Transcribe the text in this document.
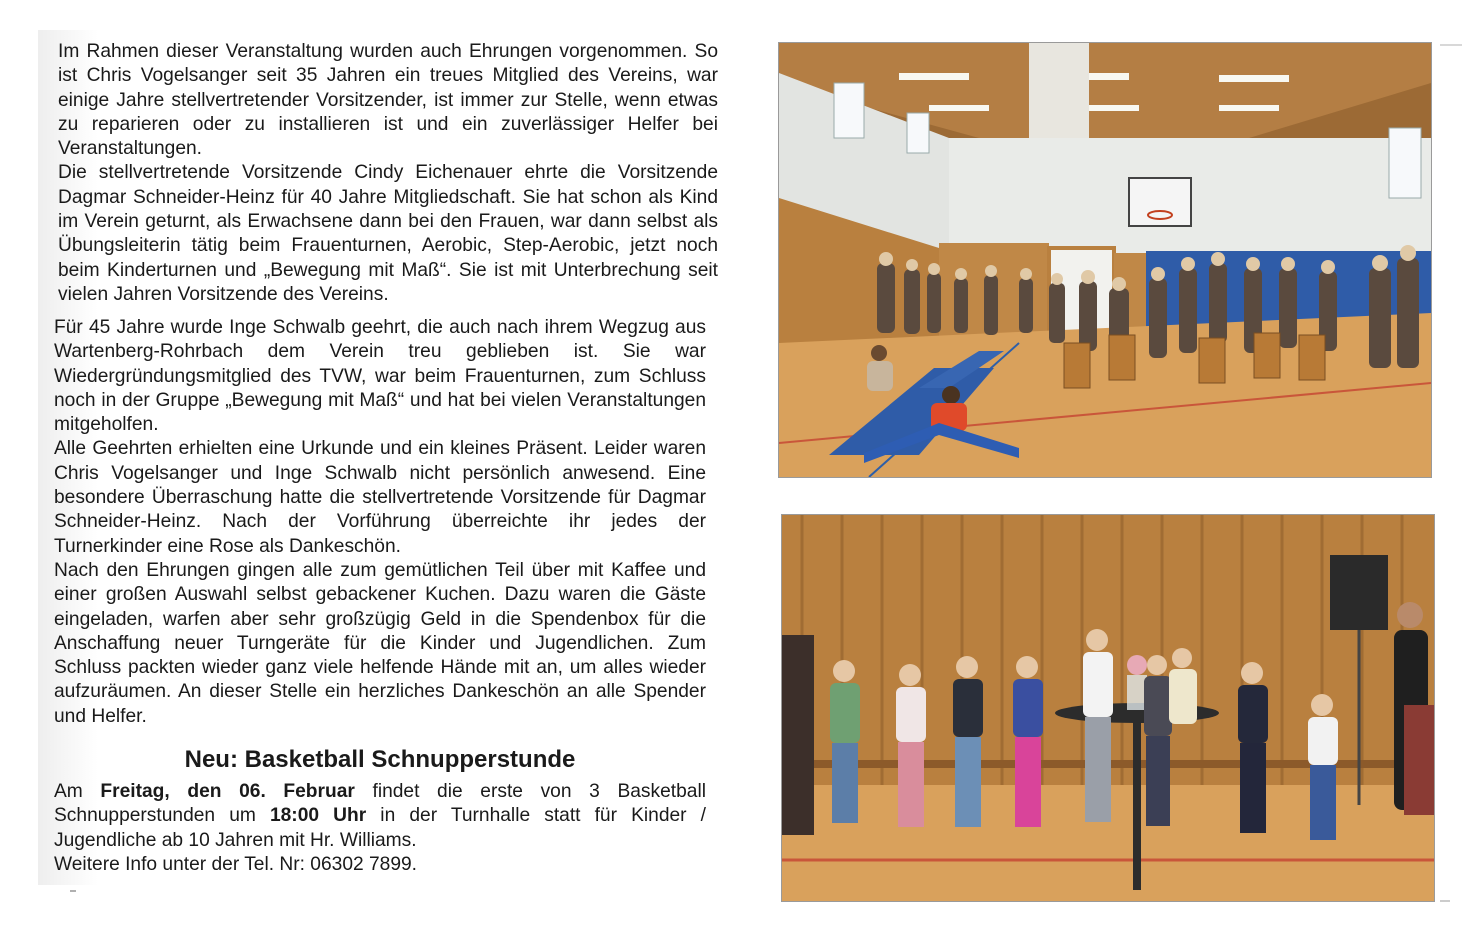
Im Rahmen dieser Veranstaltung wurden auch Ehrungen vorgenommen. So ist Chris Vogelsanger seit 35 Jahren ein treues Mitglied des Vereins, war einige Jahre stellvertretender Vorsitzender, ist immer zur Stelle, wenn etwas zu reparieren oder zu installieren ist und ein zuverlässiger Helfer bei Veranstaltungen.

Die stellvertretende Vorsitzende Cindy Eichenauer ehrte die Vorsitzende Dagmar Schneider-Heinz für 40 Jahre Mitgliedschaft. Sie hat schon als Kind im Verein geturnt, als Erwachsene dann bei den Frauen, war dann selbst als Übungsleiterin tätig beim Frauenturnen, Aerobic, Step-Aerobic, jetzt noch beim Kinderturnen und „Bewegung mit Maß“. Sie ist mit Unterbrechung seit vielen Jahren Vorsitzende des Vereins.

Für 45 Jahre wurde Inge Schwalb geehrt, die auch nach ihrem Wegzug aus Wartenberg-Rohrbach dem Verein treu geblieben ist. Sie war Wiedergründungsmitglied des TVW, war beim Frauenturnen, zum Schluss noch in der Gruppe „Bewegung mit Maß“ und hat bei vielen Veranstaltungen mitgeholfen.

Alle Geehrten erhielten eine Urkunde und ein kleines Präsent. Leider waren Chris Vogelsanger und Inge Schwalb nicht persönlich anwesend. Eine besondere Überraschung hatte die stellvertretende Vorsitzende für Dagmar Schneider-Heinz. Nach der Vorführung überreichte ihr jedes der Turnerkinder eine Rose als Dankeschön.

Nach den Ehrungen gingen alle zum gemütlichen Teil über mit Kaffee und einer großen Auswahl selbst gebackener Kuchen. Dazu waren die Gäste eingeladen, warfen aber sehr großzügig Geld in die Spendenbox für die Anschaffung neuer Turngeräte für die Kinder und Jugendlichen. Zum Schluss packten wieder ganz viele helfende Hände mit an, um alles wieder aufzuräumen. An dieser Stelle ein herzliches Dankeschön an alle Spender und Helfer.

Neu: Basketball Schnupperstunde

Am Freitag, den 06. Februar findet die erste von 3 Basketball Schnupperstunden um 18:00 Uhr in der Turnhalle statt für Kinder / Jugendliche ab 10 Jahren mit Hr. Williams.

Weitere Info unter der Tel. Nr: 06302 7899.
